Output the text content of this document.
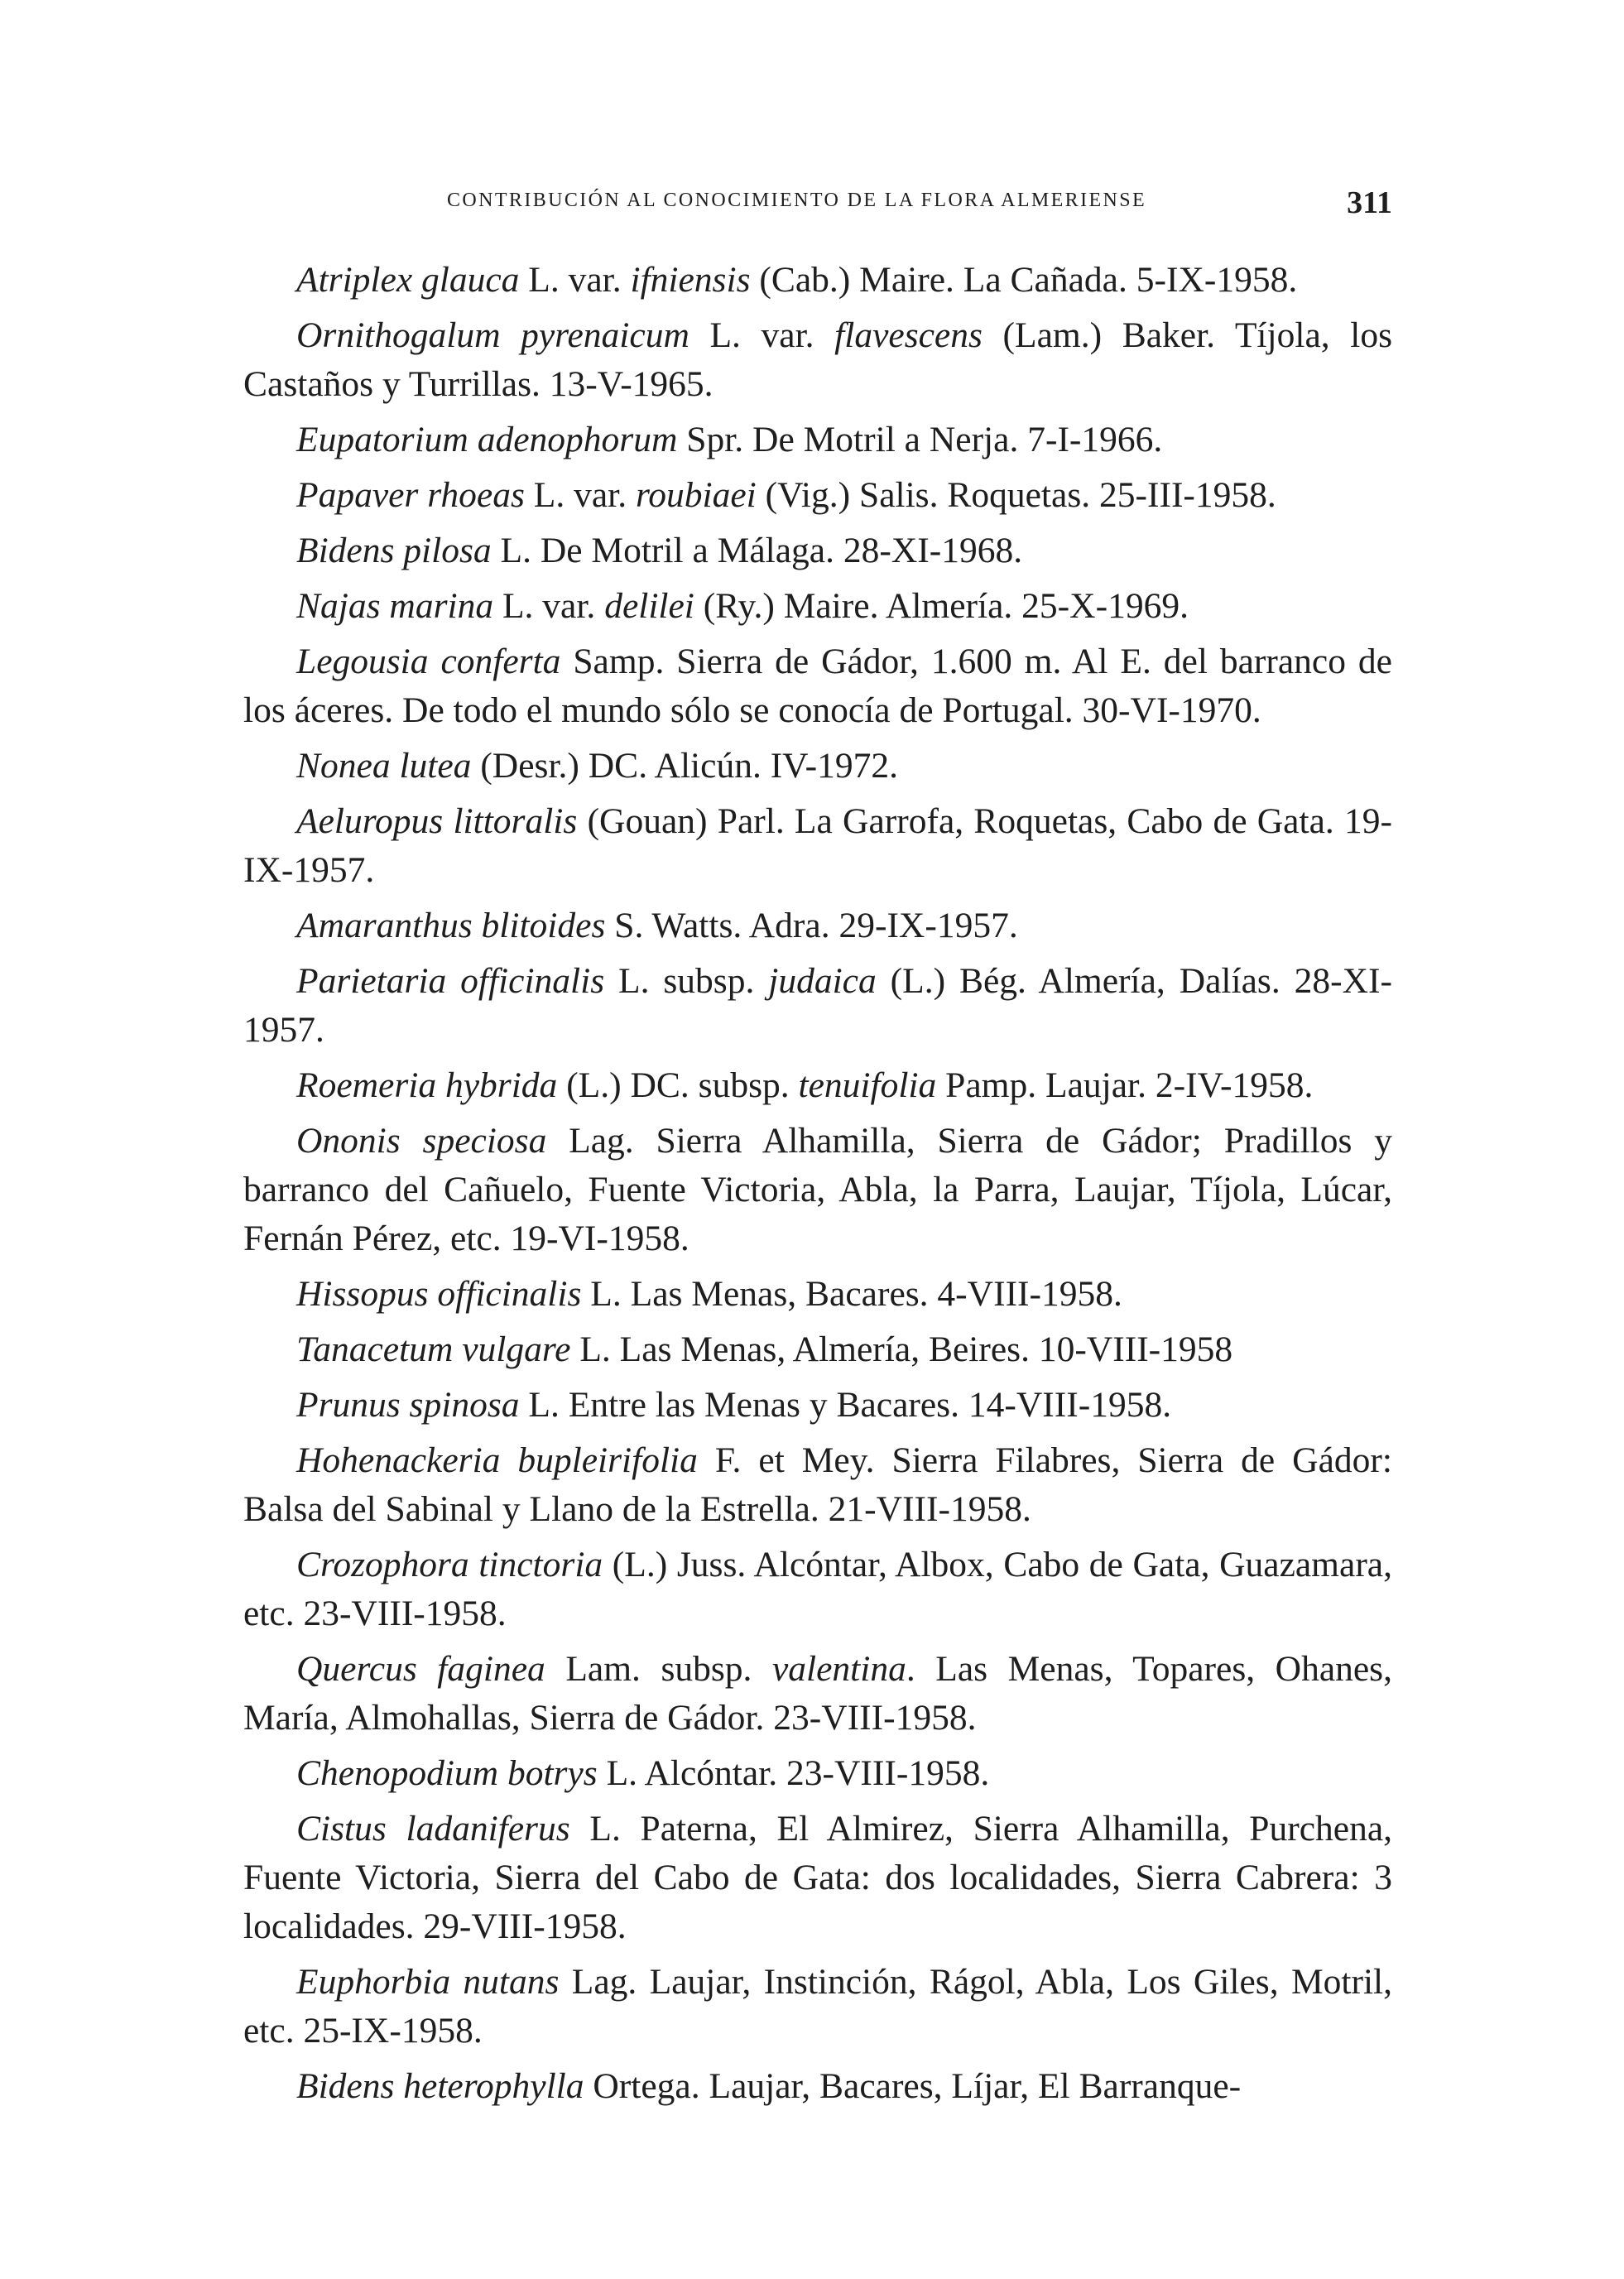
CONTRIBUCIÓN AL CONOCIMIENTO DE LA FLORA ALMERIENSE	311

Atriplex glauca L. var. ifniensis (Cab.) Maire. La Cañada. 5-IX-1958.

Ornithogalum pyrenaicum L. var. flavescens (Lam.) Baker. Tíjola, los Castaños y Turrillas. 13-V-1965.

Eupatorium adenophorum Spr. De Motril a Nerja. 7-I-1966.

Papaver rhoeas L. var. roubiaei (Vig.) Salis. Roquetas. 25-III-1958.

Bidens pilosa L. De Motril a Málaga. 28-XI-1968.

Najas marina L. var. delilei (Ry.) Maire. Almería. 25-X-1969.

Legousia conferta Samp. Sierra de Gádor, 1.600 m. Al E. del barranco de los áceres. De todo el mundo sólo se conocía de Portugal. 30-VI-1970.

Nonea lutea (Desr.) DC. Alicún. IV-1972.

Aeluropus littoralis (Gouan) Parl. La Garrofa, Roquetas, Cabo de Gata. 19-IX-1957.

Amaranthus blitoides S. Watts. Adra. 29-IX-1957.

Parietaria officinalis L. subsp. judaica (L.) Bég. Almería, Dalías. 28-XI-1957.

Roemeria hybrida (L.) DC. subsp. tenuifolia Pamp. Laujar. 2-IV-1958.

Ononis speciosa Lag. Sierra Alhamilla, Sierra de Gádor; Pradillos y barranco del Cañuelo, Fuente Victoria, Abla, la Parra, Laujar, Tíjola, Lúcar, Fernán Pérez, etc. 19-VI-1958.

Hissopus officinalis L. Las Menas, Bacares. 4-VIII-1958.

Tanacetum vulgare L. Las Menas, Almería, Beires. 10-VIII-1958

Prunus spinosa L. Entre las Menas y Bacares. 14-VIII-1958.

Hohenackeria bupleirifolia F. et Mey. Sierra Filabres, Sierra de Gádor: Balsa del Sabinal y Llano de la Estrella. 21-VIII-1958.

Crozophora tinctoria (L.) Juss. Alcóntar, Albox, Cabo de Gata, Guazamara, etc. 23-VIII-1958.

Quercus faginea Lam. subsp. valentina. Las Menas, Topares, Ohanes, María, Almohallas, Sierra de Gádor. 23-VIII-1958.

Chenopodium botrys L. Alcóntar. 23-VIII-1958.

Cistus ladaniferus L. Paterna, El Almirez, Sierra Alhamilla, Purchena, Fuente Victoria, Sierra del Cabo de Gata: dos localidades, Sierra Cabrera: 3 localidades. 29-VIII-1958.

Euphorbia nutans Lag. Laujar, Instinción, Rágol, Abla, Los Giles, Motril, etc. 25-IX-1958.

Bidens heterophylla Ortega. Laujar, Bacares, Líjar, El Barranque-
